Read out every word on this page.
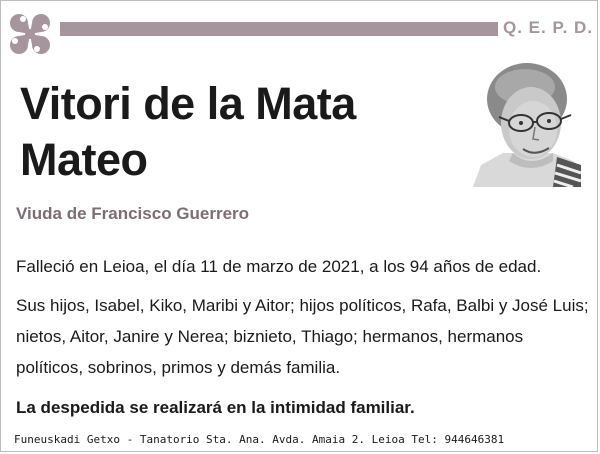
Q. E. P. D.
Vitori de la Mata
Mateo
Viuda de Francisco Guerrero

Falleció en Leioa, el día 11 de marzo de 2021, a los 94 años de edad.

Sus hijos, Isabel, Kiko, Maribi y Aitor; hijos políticos, Rafa, Balbi y José Luis; nietos, Aitor, Janire y Nerea; biznieto, Thiago; hermanos, hermanos políticos, sobrinos, primos y demás familia.

La despedida se realizará en la intimidad familiar.
Funeuskadi Getxo - Tanatorio Sta. Ana. Avda. Amaia 2. Leioa Tel: 944646381
